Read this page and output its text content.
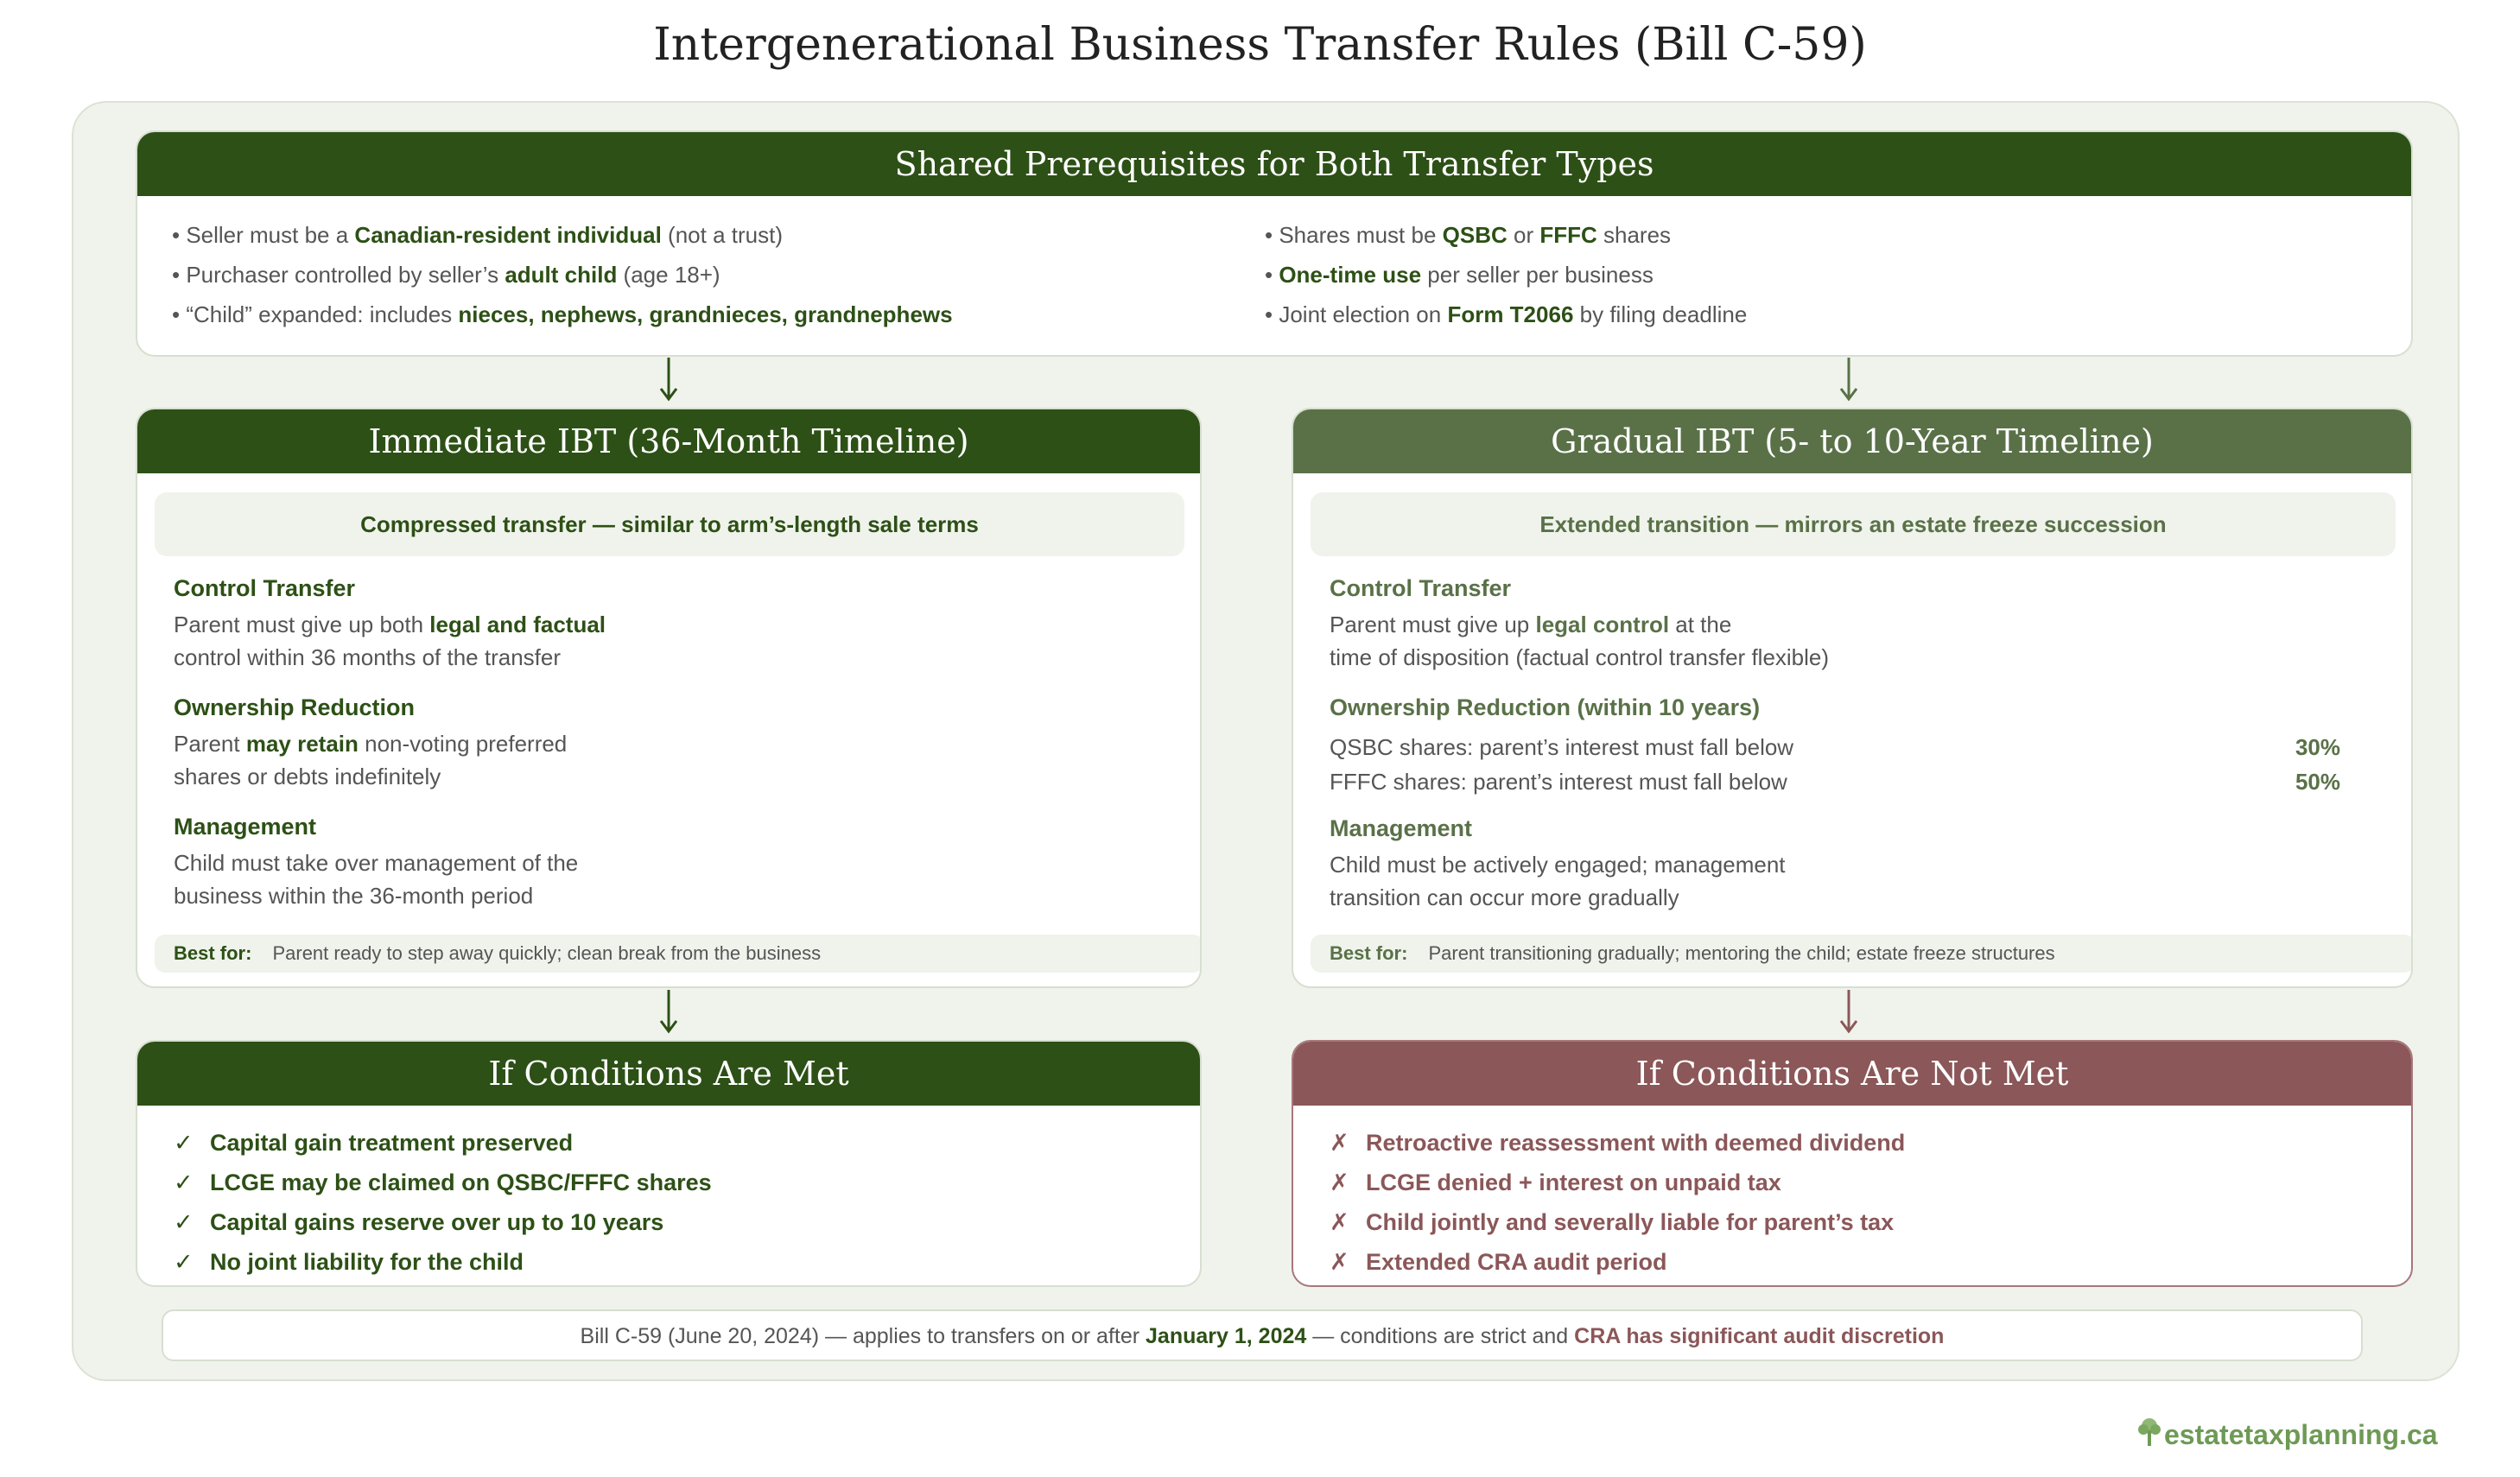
Intergenerational Business Transfer Rules (Bill C-59)
Shared Prerequisites for Both Transfer Types
• Seller must be a Canadian-resident individual (not a trust)
• Purchaser controlled by seller’s adult child (age 18+)
• “Child” expanded: includes nieces, nephews, grandnieces, grandnephews
• Shares must be QSBC or FFFC shares
• One-time use per seller per business
• Joint election on Form T2066 by filing deadline
Immediate IBT (36-Month Timeline)
Compressed transfer — similar to arm’s-length sale terms
Control Transfer
Parent must give up both legal and factual
control within 36 months of the transfer
Ownership Reduction
Parent may retain non-voting preferred
shares or debts indefinitely
Management
Child must take over management of the
business within the 36-month period
Best for: Parent ready to step away quickly; clean break from the business
Gradual IBT (5- to 10-Year Timeline)
Extended transition — mirrors an estate freeze succession
Control Transfer
Parent must give up legal control at the
time of disposition (factual control transfer flexible)
Ownership Reduction (within 10 years)
QSBC shares: parent’s interest must fall below	30%
FFFC shares: parent’s interest must fall below	50%
Management
Child must be actively engaged; management
transition can occur more gradually
Best for: Parent transitioning gradually; mentoring the child; estate freeze structures
If Conditions Are Met
✓ Capital gain treatment preserved
✓ LCGE may be claimed on QSBC/FFFC shares
✓ Capital gains reserve over up to 10 years
✓ No joint liability for the child
If Conditions Are Not Met
✗ Retroactive reassessment with deemed dividend
✗ LCGE denied + interest on unpaid tax
✗ Child jointly and severally liable for parent’s tax
✗ Extended CRA audit period
Bill C-59 (June 20, 2024) — applies to transfers on or after January 1, 2024 — conditions are strict and CRA has significant audit discretion
estatetaxplanning.ca
